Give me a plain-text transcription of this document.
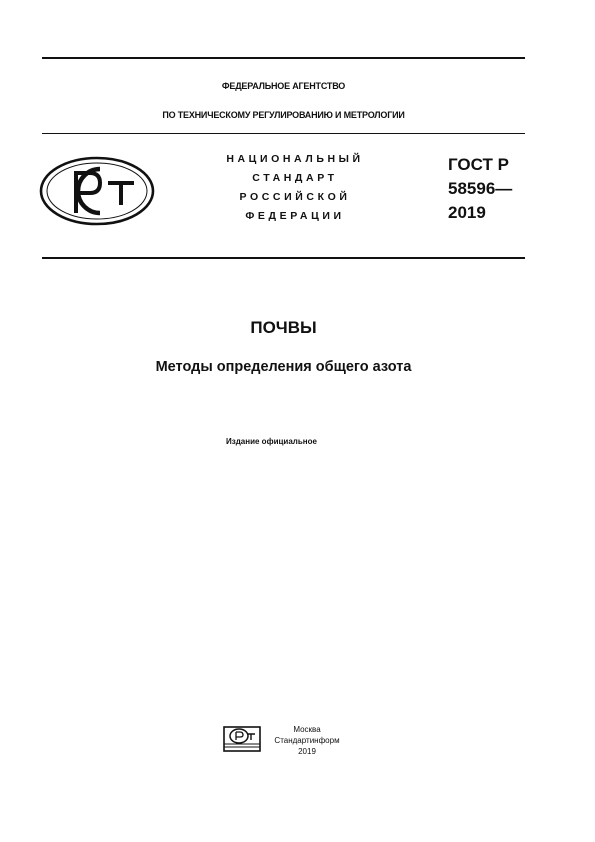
ФЕДЕРАЛЬНОЕ АГЕНТСТВО
ПО ТЕХНИЧЕСКОМУ РЕГУЛИРОВАНИЮ И МЕТРОЛОГИИ
НАЦИОНАЛЬНЫЙ
СТАНДАРТ
РОССИЙСКОЙ
ФЕДЕРАЦИИ
ГОСТ Р
58596—
2019
ПОЧВЫ
Методы определения общего азота
Издание официальное
Москва
Стандартинформ
2019
